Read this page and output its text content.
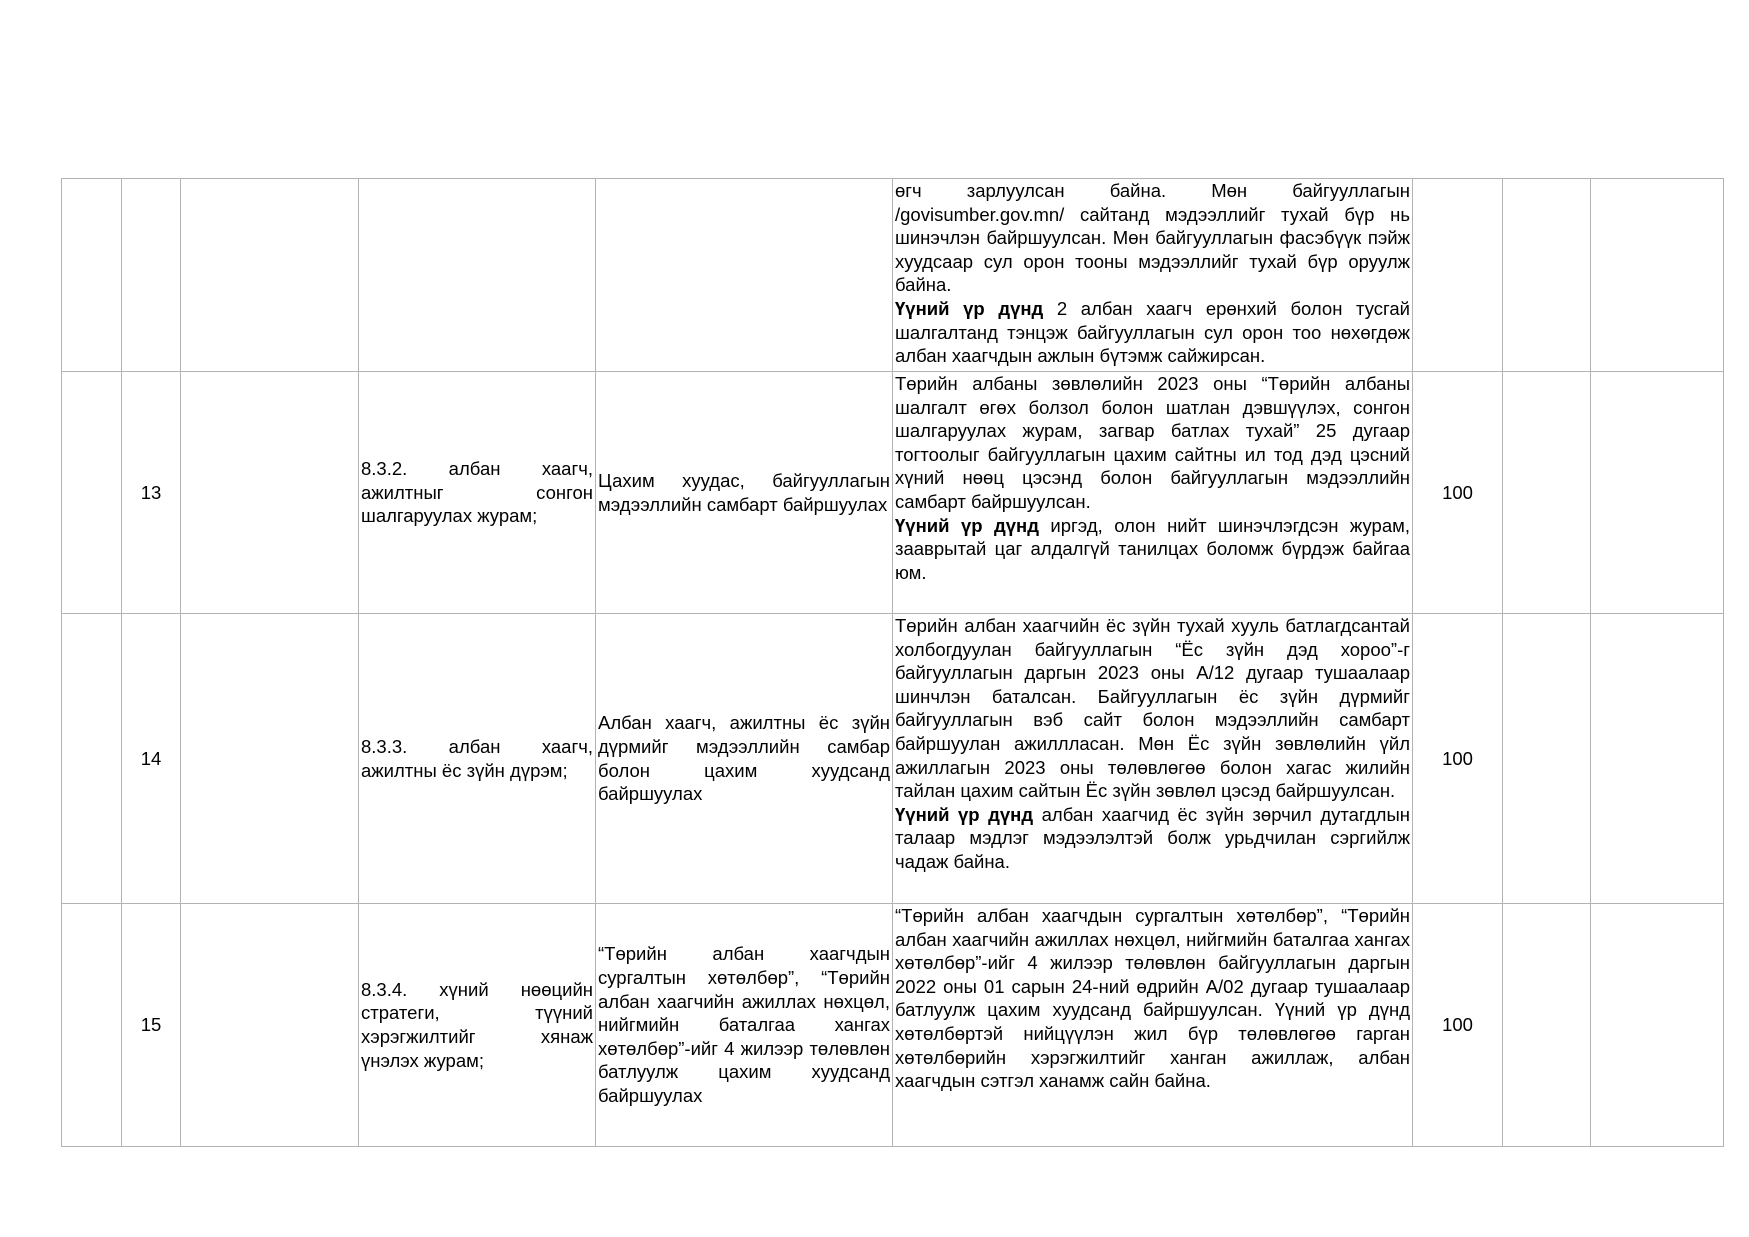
					өгч зарлуулсан байна. Мөн байгууллагын /govisumber.gov.mn/ сайтанд мэдээллийг тухай бүр нь шинэчлэн байршуулсан. Мөн байгууллагын фасэбүүк пэйж хуудсаар сул орон тооны мэдээллийг тухай бүр оруулж байна.
Үүний үр дүнд 2 албан хаагч ерөнхий болон тусгай шалгалтанд тэнцэж байгууллагын сул орон тоо нөхөгдөж албан хаагчдын ажлын бүтэмж сайжирсан.			

	13		8.3.2. албан хаагч, ажилтныг сонгон шалгаруулах журам;	Цахим хуудас, байгууллагын мэдээллийн самбарт байршуулах	Төрийн албаны зөвлөлийн 2023 оны “Төрийн албаны шалгалт өгөх болзол болон шатлан дэвшүүлэх, сонгон шалгаруулах журам, загвар батлах тухай” 25 дугаар тогтоолыг байгууллагын цахим сайтны ил тод дэд цэсний хүний нөөц цэсэнд болон байгууллагын мэдээллийн самбарт байршуулсан.
Үүний үр дүнд иргэд, олон нийт шинэчлэгдсэн журам, зааврытай цаг алдалгүй танилцах боломж бүрдэж байгаа юм.	100		
	14		8.3.3. албан хаагч, ажилтны ёс зүйн дүрэм;	Албан хаагч, ажилтны ёс зүйн дүрмийг мэдээллийн самбар болон цахим хуудсанд байршуулах	Төрийн албан хаагчийн ёс зүйн тухай хууль батлагдсантай холбогдуулан байгууллагын “Ёс зүйн дэд хороо”-г байгууллагын даргын 2023 оны А/12 дугаар тушаалаар шинчлэн баталсан. Байгууллагын ёс зүйн дүрмийг байгууллагын вэб сайт болон мэдээллийн самбарт байршуулан ажиллласан. Мөн Ёс зүйн зөвлөлийн үйл ажиллагын 2023 оны төлөвлөгөө болон хагас жилийн тайлан цахим сайтын Ёс зүйн зөвлөл цэсэд байршуулсан.
Үүний үр дүнд албан хаагчид ёс зүйн зөрчил дутагдлын талаар мэдлэг мэдээлэлтэй болж урьдчилан сэргийлж чадаж байна.	100		
	15		8.3.4. хүний нөөцийн стратеги, түүний хэрэгжилтийг хянаж үнэлэх журам;	“Төрийн албан хаагчдын сургалтын хөтөлбөр”, “Төрийн албан хаагчийн ажиллах нөхцөл, нийгмийн баталгаа хангах хөтөлбөр”-ийг 4 жилээр төлөвлөн батлуулж цахим хуудсанд байршуулах	“Төрийн албан хаагчдын сургалтын хөтөлбөр”, “Төрийн албан хаагчийн ажиллах нөхцөл, нийгмийн баталгаа хангах хөтөлбөр”-ийг 4 жилээр төлөвлөн байгууллагын даргын 2022 оны 01 сарын 24-ний өдрийн А/02 дугаар тушаалаар батлуулж цахим хуудсанд байршуулсан. Үүний үр дүнд хөтөлбөртэй нийцүүлэн жил бүр төлөвлөгөө гарган хөтөлбөрийн хэрэгжилтийг ханган ажиллаж, албан хаагчдын сэтгэл ханамж сайн байна.	100		
